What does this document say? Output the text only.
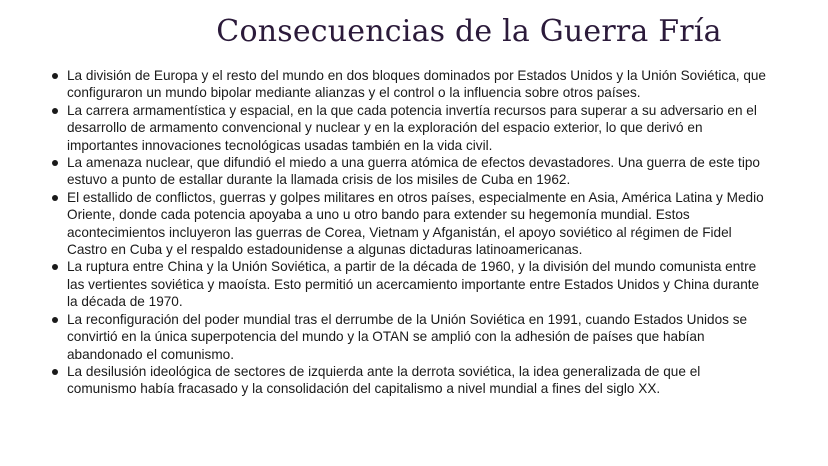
Consecuencias de la Guerra Fría
La división de Europa y el resto del mundo en dos bloques dominados por Estados Unidos y la Unión Soviética, que configuraron un mundo bipolar mediante alianzas y el control o la influencia sobre otros países.
La carrera armamentística y espacial, en la que cada potencia invertía recursos para superar a su adversario en el desarrollo de armamento convencional y nuclear y en la exploración del espacio exterior, lo que derivó en importantes innovaciones tecnológicas usadas también en la vida civil.
La amenaza nuclear, que difundió el miedo a una guerra atómica de efectos devastadores. Una guerra de este tipo estuvo a punto de estallar durante la llamada crisis de los misiles de Cuba en 1962.
El estallido de conflictos, guerras y golpes militares en otros países, especialmente en Asia, América Latina y Medio Oriente, donde cada potencia apoyaba a uno u otro bando para extender su hegemonía mundial. Estos acontecimientos incluyeron las guerras de Corea, Vietnam y Afganistán, el apoyo soviético al régimen de Fidel Castro en Cuba y el respaldo estadounidense a algunas dictaduras latinoamericanas.
La ruptura entre China y la Unión Soviética, a partir de la década de 1960, y la división del mundo comunista entre las vertientes soviética y maoísta. Esto permitió un acercamiento importante entre Estados Unidos y China durante la década de 1970.
La reconfiguración del poder mundial tras el derrumbe de la Unión Soviética en 1991, cuando Estados Unidos se convirtió en la única superpotencia del mundo y la OTAN se amplió con la adhesión de países que habían abandonado el comunismo.
La desilusión ideológica de sectores de izquierda ante la derrota soviética, la idea generalizada de que el comunismo había fracasado y la consolidación del capitalismo a nivel mundial a fines del siglo XX.
